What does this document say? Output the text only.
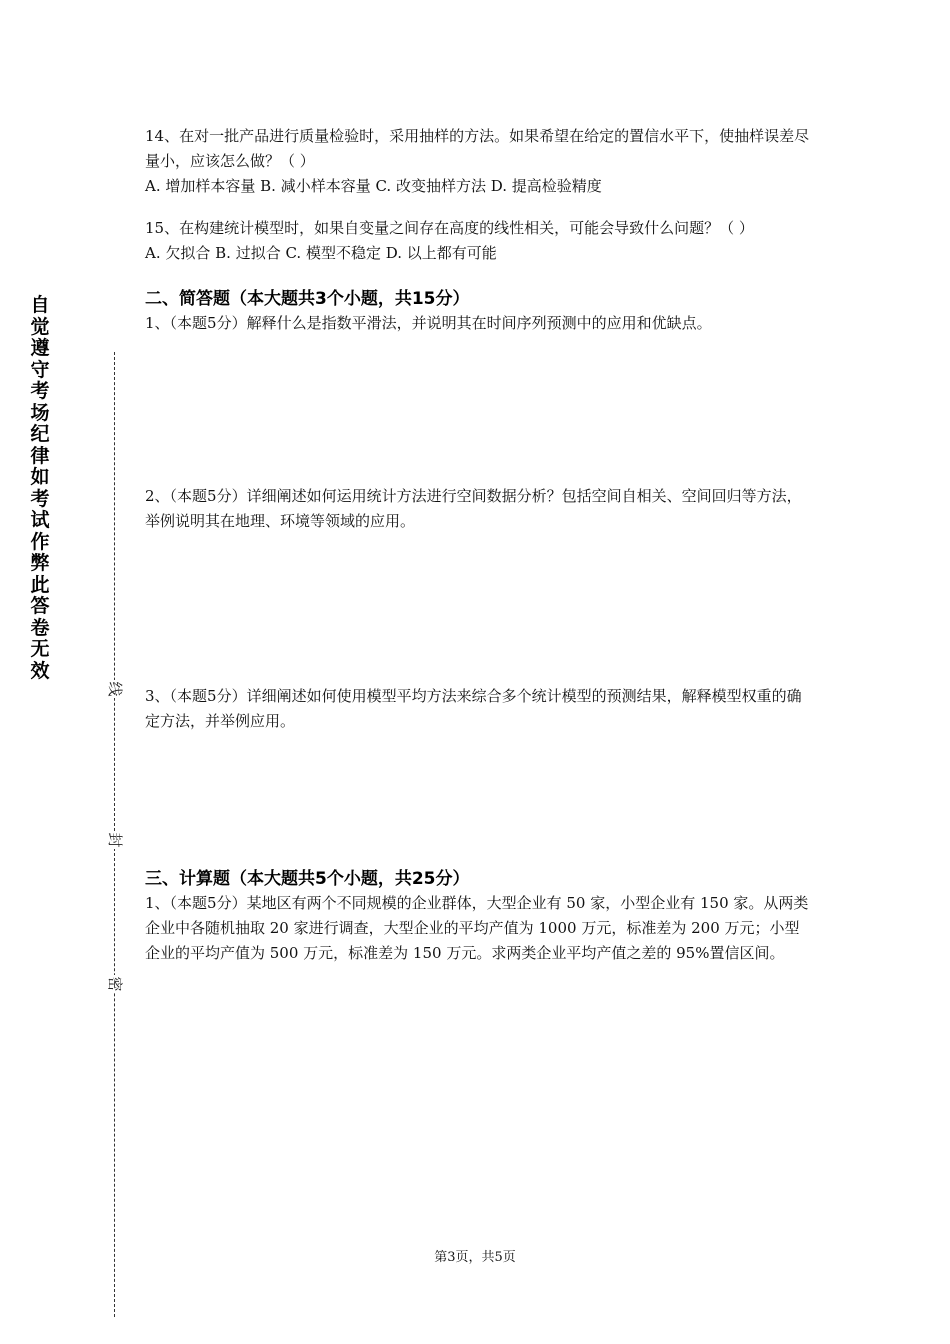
自觉遵守考场纪律如考试作弊此答卷无效
线
封
密

14、在对一批产品进行质量检验时，采用抽样的方法。如果希望在给定的置信水平下，使抽样误差尽量小，应该怎么做？（ ）

A. 增加样本容量 B. 减小样本容量 C. 改变抽样方法 D. 提高检验精度

15、在构建统计模型时，如果自变量之间存在高度的线性相关，可能会导致什么问题？（ ）

A. 欠拟合 B. 过拟合 C. 模型不稳定 D. 以上都有可能

二、简答题（本大题共3个小题，共15分）

1、（本题5分）解释什么是指数平滑法，并说明其在时间序列预测中的应用和优缺点。

2、（本题5分）详细阐述如何运用统计方法进行空间数据分析？包括空间自相关、空间回归等方法，举例说明其在地理、环境等领域的应用。

3、（本题5分）详细阐述如何使用模型平均方法来综合多个统计模型的预测结果，解释模型权重的确定方法，并举例应用。

三、计算题（本大题共5个小题，共25分）

1、（本题5分）某地区有两个不同规模的企业群体，大型企业有 50 家，小型企业有 150 家。从两类企业中各随机抽取 20 家进行调查，大型企业的平均产值为 1000 万元，标准差为 200 万元；小型企业的平均产值为 500 万元，标准差为 150 万元。求两类企业平均产值之差的 95%置信区间。

第3页，共5页
